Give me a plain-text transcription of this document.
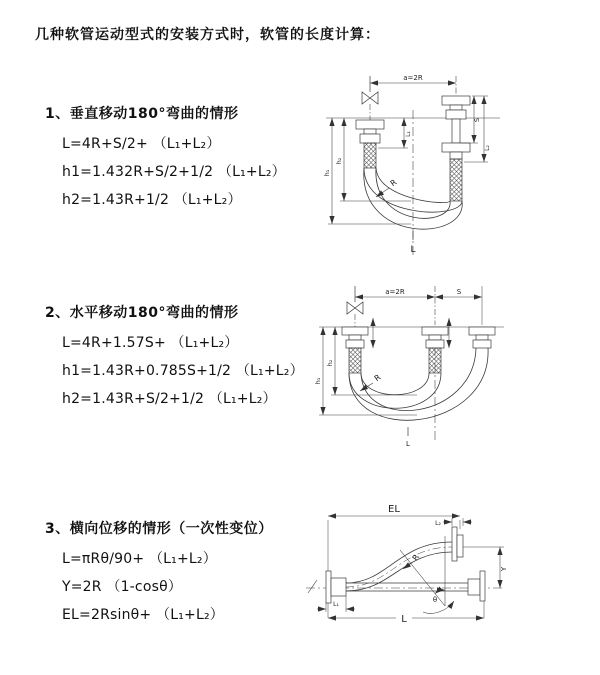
几种软管运动型式的安装方式时，软管的长度计算：
1、垂直移动180°弯曲的情形
L=4R+S/2+ （L₁+L₂）
h1=1.432R+S/2+1/2 （L₁+L₂）
h2=1.43R+1/2 （L₁+L₂）
2、水平移动180°弯曲的情形
L=4R+1.57S+ （L₁+L₂）
h1=1.43R+0.785S+1/2 （L₁+L₂）
h2=1.43R+S/2+1/2 （L₁+L₂）
3、横向位移的情形（一次性变位）
L=πRθ/90+ （L₁+L₂）
Y=2R （1-cosθ）
EL=2Rsinθ+ （L₁+L₂）
a=2R
L₁
S
L₂
h₂
h₁
R
L
a=2R	S
h₂
h₁	R
L
EL
L₂
Y
L₁
L
R
θ
